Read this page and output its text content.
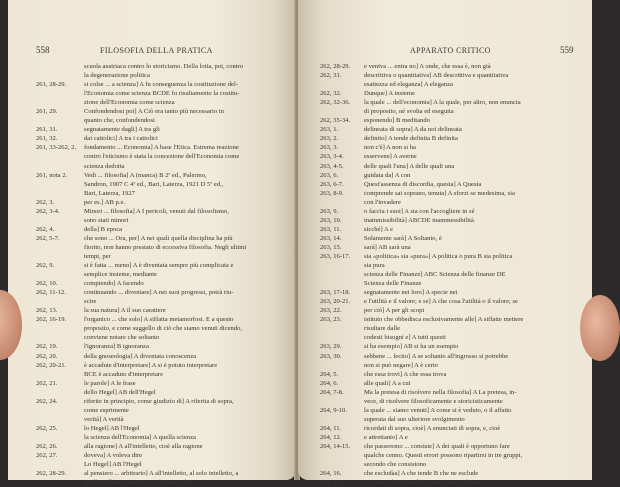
558	FILOSOFIA DELLA PRATICA
scuola austriaca contro lo storicismo. Della lotta, poi, contro
la degenerazione politica
261, 28-29.	si colse ... a scienza] A fu conseguenza la costituzione del-
l'Economia come scienza BCDE fu risultamento la costitu-
zione dell'Economia come scienza
261, 29.	Confondendosi poi] A Ciò era tanto più necessario in
quanto che, confondendosi
261, 31.	segnatamente dagli] A tra gli
261, 32.	dai cattolici] A tra i cattolici
261, 33-262, 2.	fondamento ... Economia] A base l'Etica. Estrema reazione
contro l'eticismo è stata la concezione dell'Economia come
scienza dedotta
261, nota 2.	Vedi ... filosofia] A (manca) B 2ª ed., Palermo,
Sandron, 1907 C 4ª ed., Bari, Laterza, 1921 D 5ª ed.,
Bari, Laterza, 1927
262, 3.	per es.] AB p.e.
262, 3-4.	Minori ... filosofia] A I pericoli, venuti dal filosofismo,
sono stati minori
262, 4.	della] B epoca
262, 5-7.	che sono ... Ora, per] A nei quali quella disciplina ha più
fiorito, non hanno prestato di eccessiva filosofia. Negli ultimi
tempi, per
262, 9.	si è fatta ... meno] A è diventata sempre più complicata e
semplice insieme, mediante
262, 10.	compiendo] A facendo
262, 11-12.	continuando ... diventare] A nei suoi progressi, potrà riu-
scire
262, 13.	la sua natura] A il suo carattere
262, 16-19.	l'organico ... che solo] A siffatta metamorfosi. E a questo
proposito, e come suggello di ciò che siamo venuti dicendo,
conviene notare che soltanto
262, 19.	l'ignoranza] B ignoranza
262, 20.	della gnoseologia] A diventata conoscenza
262, 20-21.	è accadute d'interpretare] A si è potuto interpretare
BCE è accaduto d'interpretare
262, 21.	le parole] A le frase
dello Hegel] AB dell'Hegel
262, 24.	riferite in principio, come giudizio di] A riferita di sopra,
come esprimente
verità] A verità
262, 25.	lo Hegel] AB l'Hegel
la scienza dell'Economia] A quella scienza
262, 26.	alla ragione] A all'intelletto, cioè alla ragione
262, 27.	doveva] A voleva dire
Lo Hegel] AB l'Hegel
262, 28-29.	al pensiero ... arbitrario] A all'intelletto, al solo intelletto, a
quell'intelletto astrattivo e arbitrario, che
APPARATO CRITICO	559
262, 28-29.	e veniva ... entra no] A onde, che essa è, non già
262, 31.	descrittiva o quantitativa] AB descrittiva e quantitativa
esattezza ed eleganza] A eleganza
262, 32.	Dunque] A insieme
262, 32-36.	la quale ... dell'economia] A la quale, per altro, non enuncia
di proposito, né svolta ed eseguita
262, 35-34.	esponendo] B meditando
263, 1.	delineata di sopra] A da noi delineata
263, 2.	definito] A tende definita B definita
263, 3.	non c'è] A non si ha
263, 3-4.	esservene] A averne
263, 4-5.	delle quali l'una] A delle quali una
263, 6.	guidata da] A con
263, 6-7.	Quest'assenza di discordia, questa] A Questa
263, 8-9.	comprende sai soprano, tenuta] A sforzi se medesima, sia
con l'invadere
263, 9.	o faccia i suoi] A sia con l'accogliere in sé
263, 10.	inammissibilità] ABCDE inammessibilità
263, 11.	sicché] A e
263, 14.	Solamente sarà] A Soltanto, è
263, 15.	sarà] AB sarà una
263, 16-17.	sia «politica» sia «pura»] A politica o pura B sia politica
sia pura
scienza delle Finanze] ABC Scienza delle finanze DE
Scienza delle Finanze
263, 17-18.	segnatamente nei loro] A specie nei
263, 20-21.	e l'utilità e il valore; e se] A che cosa l'utilità o il valore; se
263, 22.	per ciò] A per gli scopi
263, 23.	istituto che obbedisca esclusivamente alle] A siffatte mettere
risultare dalle
codesti bisogni e] A tutti questi
263, 29.	si ha esempio] AB si ha un esempio
263, 30.	sebbene ... lecito] A se soltanto all'ingrosso si potrebbe
non si può negare] A è certo
264, 5.	che essa trovi] A che essa trova
264, 6.	alle quali] A a cui
264, 7-8.	Ma la pretesa di risolvere nella filosofia] A La pretesa, in-
vece, di risolvere filosoficamente e storicisticamente
264, 9-10.	la quale ... siamo venuti] A come si è veduto, o il affatto
superata dal suo ulteriore svolgimento
264, 11.	ricordati di sopra, cioè] A enunciati di sopra, e, cioè
264, 12.	e attrettanto] A e
264, 14-15.	che passeremo ... consiste] A dei quali è opportuno fare
qualche cenno. Questi errori possono ripartirsi in tre gruppi,
secondo che consistono
264, 16.	che escludàa] A che tende B che ne esclude
264, 17.	sia esso solo capace] A capace, esso soltanto
